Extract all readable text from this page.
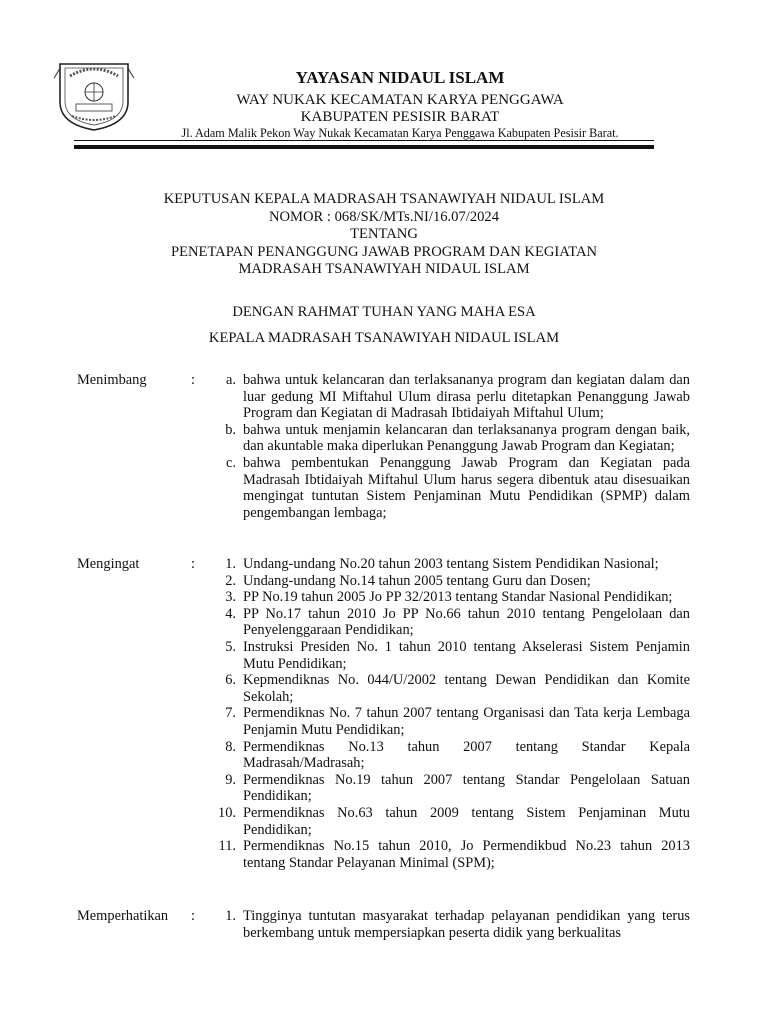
YAYASAN NIDAUL ISLAM
WAY NUKAK KECAMATAN KARYA PENGGAWA
KABUPATEN PESISIR BARAT
Jl. Adam Malik Pekon Way Nukak Kecamatan Karya Penggawa Kabupaten Pesisir Barat.
KEPUTUSAN KEPALA MADRASAH TSANAWIYAH NIDAUL ISLAM
NOMOR : 068/SK/MTs.NI/16.07/2024
TENTANG
PENETAPAN PENANGGUNG JAWAB PROGRAM DAN KEGIATAN
MADRASAH TSANAWIYAH NIDAUL ISLAM
DENGAN RAHMAT TUHAN YANG MAHA ESA
KEPALA MADRASAH TSANAWIYAH NIDAUL ISLAM
Menimbang	:	a. bahwa untuk kelancaran dan terlaksananya program dan kegiatan dalam dan luar gedung MI Miftahul Ulum dirasa perlu ditetapkan Penanggung Jawab Program dan Kegiatan di Madrasah Ibtidaiyah Miftahul Ulum;
b. bahwa untuk menjamin kelancaran dan terlaksananya program dengan baik, dan akuntable maka diperlukan Penanggung Jawab Program dan Kegiatan;
c. bahwa pembentukan Penanggung Jawab Program dan Kegiatan pada Madrasah Ibtidaiyah Miftahul Ulum harus segera dibentuk atau disesuaikan mengingat tuntutan Sistem Penjaminan Mutu Pendidikan (SPMP) dalam pengembangan lembaga;
Mengingat	:	1. Undang-undang No.20 tahun 2003 tentang Sistem Pendidikan Nasional;
2. Undang-undang No.14 tahun 2005 tentang Guru dan Dosen;
3. PP No.19 tahun 2005 Jo PP 32/2013 tentang Standar Nasional Pendidikan;
4. PP No.17 tahun 2010 Jo PP No.66 tahun 2010 tentang Pengelolaan dan Penyelenggaraan Pendidikan;
5. Instruksi Presiden No. 1 tahun 2010 tentang Akselerasi Sistem Penjamin Mutu Pendidikan;
6. Kepmendiknas No. 044/U/2002 tentang Dewan Pendidikan dan Komite Sekolah;
7. Permendiknas No. 7 tahun 2007 tentang Organisasi dan Tata kerja Lembaga Penjamin Mutu Pendidikan;
8. Permendiknas No.13 tahun 2007 tentang Standar Kepala Madrasah/Madrasah;
9. Permendiknas No.19 tahun 2007 tentang Standar Pengelolaan Satuan Pendidikan;
10. Permendiknas No.63 tahun 2009 tentang Sistem Penjaminan Mutu Pendidikan;
11. Permendiknas No.15 tahun 2010, Jo Permendikbud No.23 tahun 2013 tentang Standar Pelayanan Minimal (SPM);
Memperhatikan :	1. Tingginya tuntutan masyarakat terhadap pelayanan pendidikan yang terus berkembang untuk mempersiapkan peserta didik yang berkualitas
